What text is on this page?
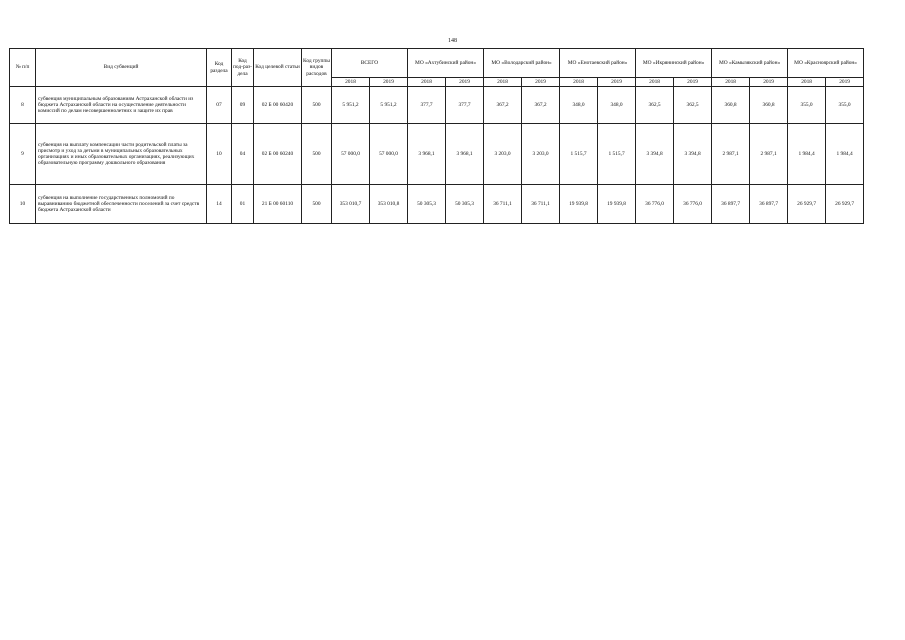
148
№ п/п	Вид субвенций	Код раздела	Код под-раз-дела	Код целевой статьи	Код группы видов расходов	ВСЕГО		МО «Ахтубинский район»		МО «Володарский район»		МО «Енотаевский район»		МО «Икрянинский район»		МО «Камызякский район»		МО «Красноярский район»	
						2018	2019	2018	2019	2018	2019	2018	2019	2018	2019	2018	2019	2018	2019
8	субвенция муниципальным образованиям Астраханской области из бюджета Астраханской области на осуществление деятельности комиссий по делам несовершеннолетних и защите их прав	07	09	02 Б 00 60420	500	5 951,2	5 951,2	377,7	377,7	367,2	367,2	348,0	348,0	362,5	362,5	360,8	360,8	355,0	355,0
9	субвенция на выплату компенсации части родительской платы за присмотр и уход за детьми в муниципальных образовательных организациях и иных образовательных организациях, реализующих образовательную программу дошкольного образования	10	04	02 Б 00 60240	500	57 000,0	57 000,0	3 968,1	3 968,1	3 203,0	3 203,0	1 515,7	1 515,7	3 394,8	3 394,8	2 987,1	2 987,1	1 984,4	1 984,4
10	субвенция на выполнение государственных полномочий по выравниванию бюджетной обеспеченности поселений за счет средств бюджета Астраханской области	14	01	21 Б 00 60110	500	353 010,7	353 010,8	50 305,3	50 305,3	36 711,1	36 711,1	19 939,8	19 939,8	36 776,0	36 776,0	36 897,7	36 897,7	26 929,7	26 929,7
